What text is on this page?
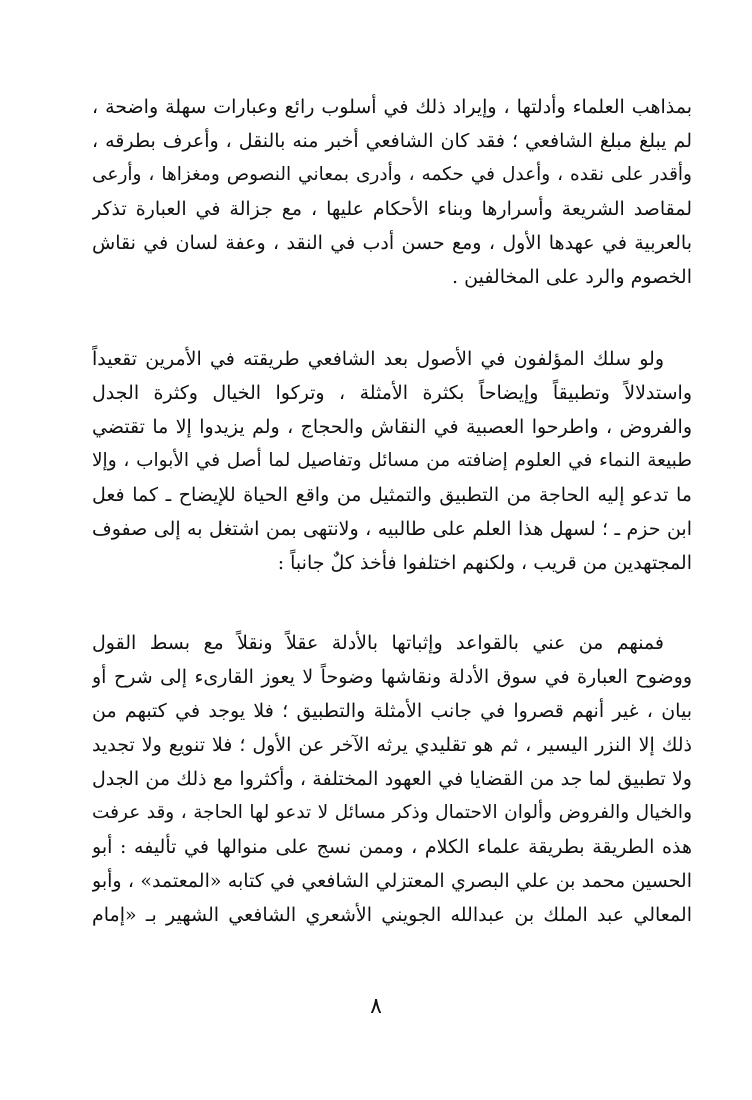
بمذاهب العلماء وأدلتها ، وإيراد ذلك في أسلوب رائع وعبارات سهلة واضحة ،
لم يبلغ مبلغ الشافعي ؛ فقد كان الشافعي أخبر منه بالنقل ، وأعرف بطرقه ،
وأقدر على نقده ، وأعدل في حكمه ، وأدرى بمعاني النصوص ومغزاها ، وأرعى
لمقاصد الشريعة وأسرارها وبناء الأحكام عليها ، مع جزالة في العبارة تذكر
بالعربية في عهدها الأول ، ومع حسن أدب في النقد ، وعفة لسان في نقاش
الخصوم والرد على المخالفين .
ولو سلك المؤلفون في الأصول بعد الشافعي طريقته في الأمرين تقعيداً
واستدلالاً وتطبيقاً وإيضاحاً بكثرة الأمثلة ، وتركوا الخيال وكثرة الجدل
والفروض ، واطرحوا العصبية في النقاش والحجاج ، ولم يزيدوا إلا ما تقتضي
طبيعة النماء في العلوم إضافته من مسائل وتفاصيل لما أصل في الأبواب ، وإلا
ما تدعو إليه الحاجة من التطبيق والتمثيل من واقع الحياة للإيضاح ـ كما فعل
ابن حزم ـ ؛ لسهل هذا العلم على طالبيه ، ولانتهى بمن اشتغل به إلى صفوف
المجتهدين من قريب ، ولكنهم اختلفوا فأخذ كلٌ جانباً :
فمنهم من عني بالقواعد وإثباتها بالأدلة عقلاً ونقلاً مع بسط القول
ووضوح العبارة في سوق الأدلة ونقاشها وضوحاً لا يعوز القارىء إلى شرح أو
بيان ، غير أنهم قصروا في جانب الأمثلة والتطبيق ؛ فلا يوجد في كتبهم من
ذلك إلا النزر اليسير ، ثم هو تقليدي يرثه الآخر عن الأول ؛ فلا تنويع ولا تجديد
ولا تطبيق لما جد من القضايا في العهود المختلفة ، وأكثروا مع ذلك من الجدل
والخيال والفروض وألوان الاحتمال وذكر مسائل لا تدعو لها الحاجة ، وقد عرفت
هذه الطريقة بطريقة علماء الكلام ، وممن نسج على منوالها في تأليفه : أبو
الحسين محمد بن علي البصري المعتزلي الشافعي في كتابه «المعتمد» ، وأبو
المعالي عبد الملك بن عبدالله الجويني الأشعري الشافعي الشهير بـ «إمام
٨
